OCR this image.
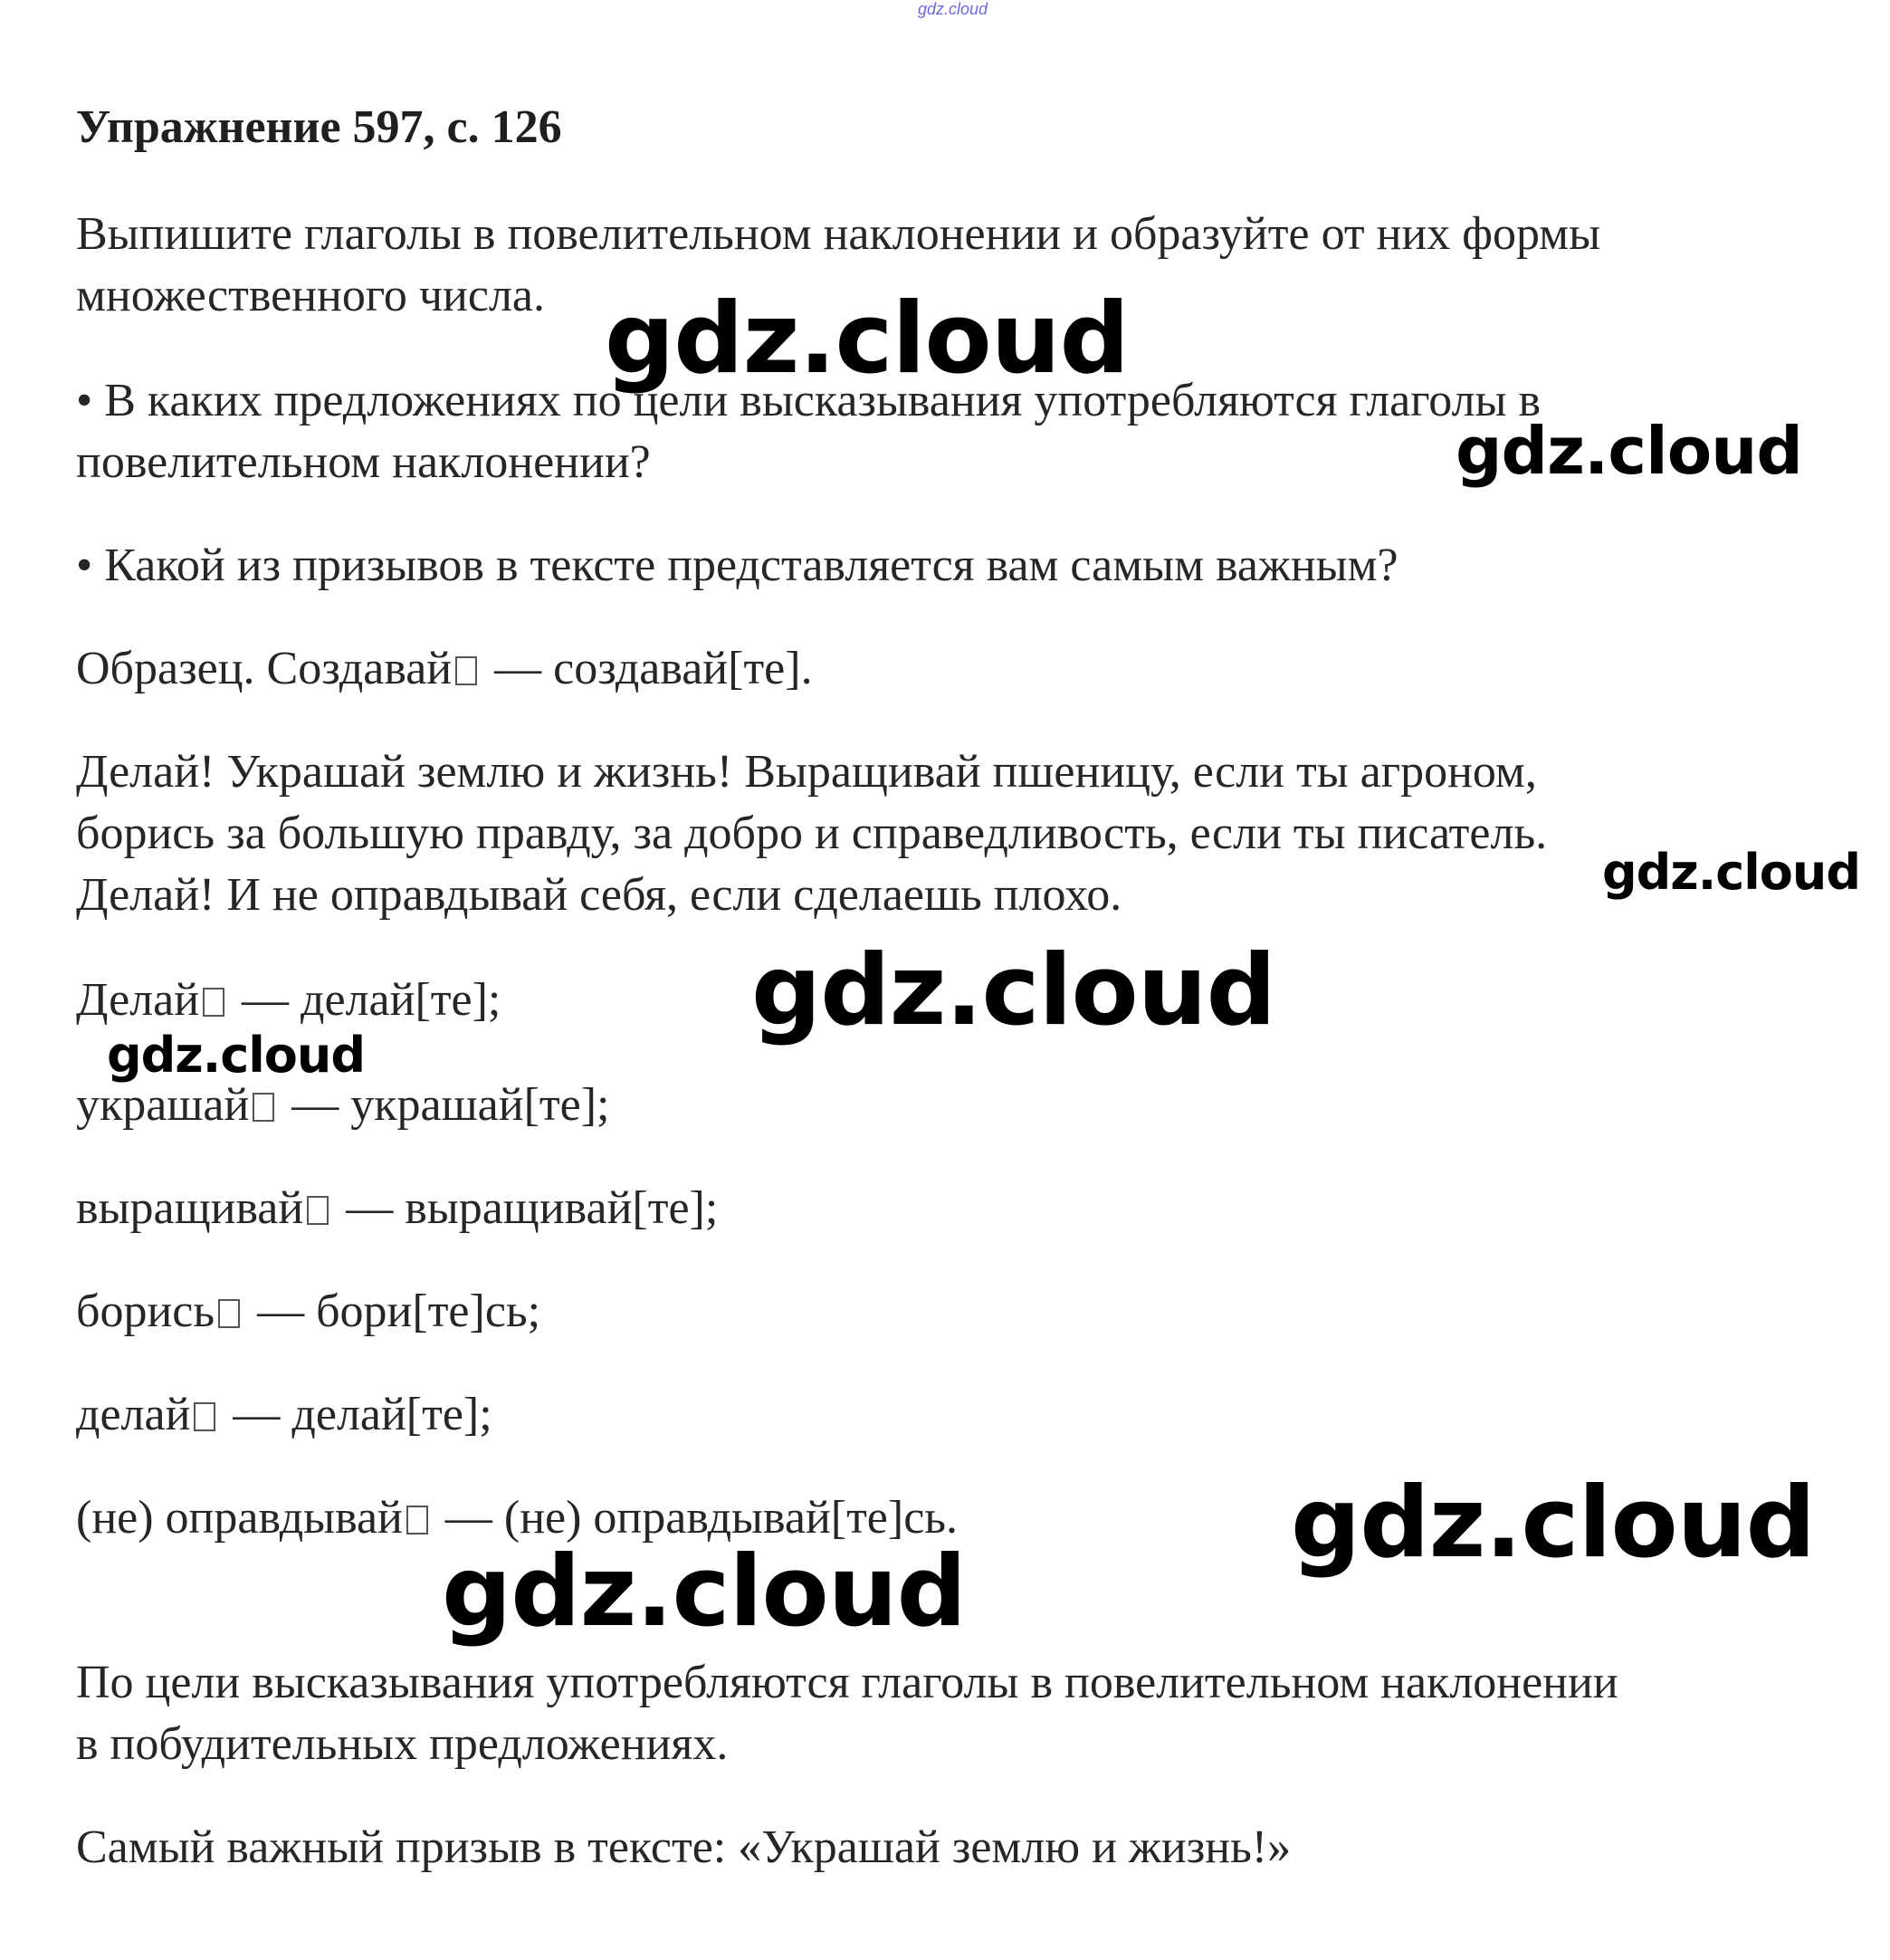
gdz.cloud
Упражнение 597, с. 126
Выпишите глаголы в повелительном наклонении и образуйте от них формы
множественного числа.
• В каких предложениях по цели высказывания употребляются глаголы в
повелительном наклонении?
• Какой из призывов в тексте представляется вам самым важным?
Образец. Создавай — создавай[те].
Делай! Украшай землю и жизнь! Выращивай пшеницу, если ты агроном,
борись за большую правду, за добро и справедливость, если ты писатель.
Делай! И не оправдывай себя, если сделаешь плохо.
Делай — делай[те];
украшай — украшай[те];
выращивай — выращивай[те];
борись — бори[те]сь;
делай — делай[те];
(не) оправдывай — (не) оправдывай[те]сь.
По цели высказывания употребляются глаголы в повелительном наклонении
в побудительных предложениях.
Самый важный призыв в тексте: «Украшай землю и жизнь!»
gdz.cloud
gdz.cloud
gdz.cloud
gdz.cloud
gdz.cloud
gdz.cloud
gdz.cloud
